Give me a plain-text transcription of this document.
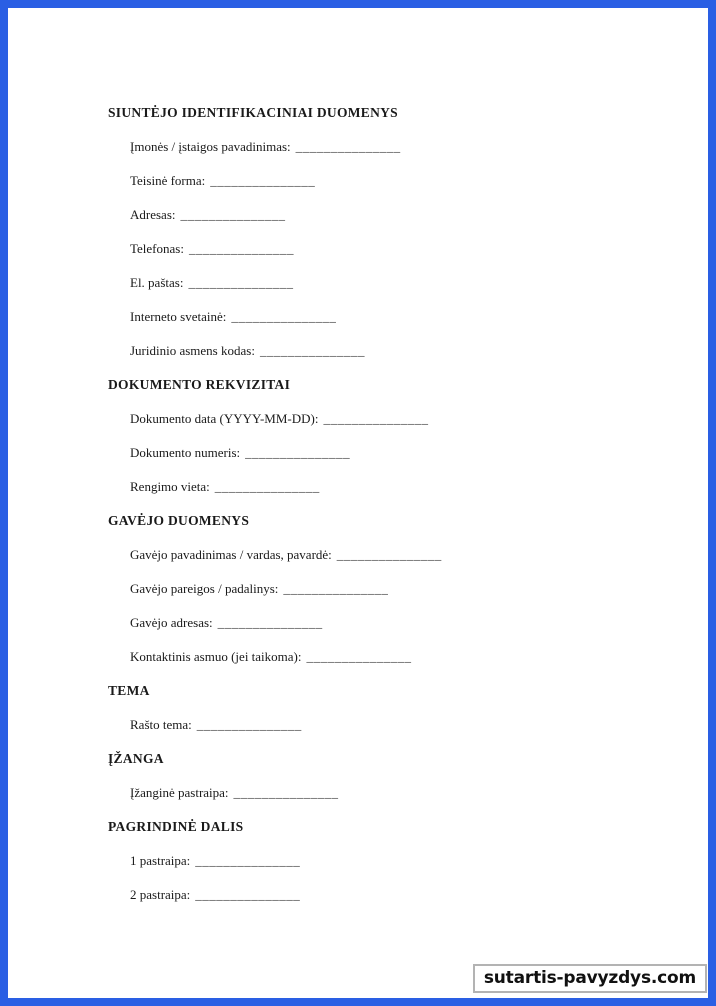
SIUNTĖJO IDENTIFIKACINIAI DUOMENYS
Įmonės / įstaigos pavadinimas: _______________
Teisinė forma: _______________
Adresas: _______________
Telefonas: _______________
El. paštas: _______________
Interneto svetainė: _______________
Juridinio asmens kodas: _______________
DOKUMENTO REKVIZITAI
Dokumento data (YYYY-MM-DD): _______________
Dokumento numeris: _______________
Rengimo vieta: _______________
GAVĖJO DUOMENYS
Gavėjo pavadinimas / vardas, pavardė: _______________
Gavėjo pareigos / padalinys: _______________
Gavėjo adresas: _______________
Kontaktinis asmuo (jei taikoma): _______________
TEMA
Rašto tema: _______________
ĮŽANGA
Įžanginė pastraipa: _______________
PAGRINDINĖ DALIS
1 pastraipa: _______________
2 pastraipa: _______________
sutartis-pavyzdys.com
